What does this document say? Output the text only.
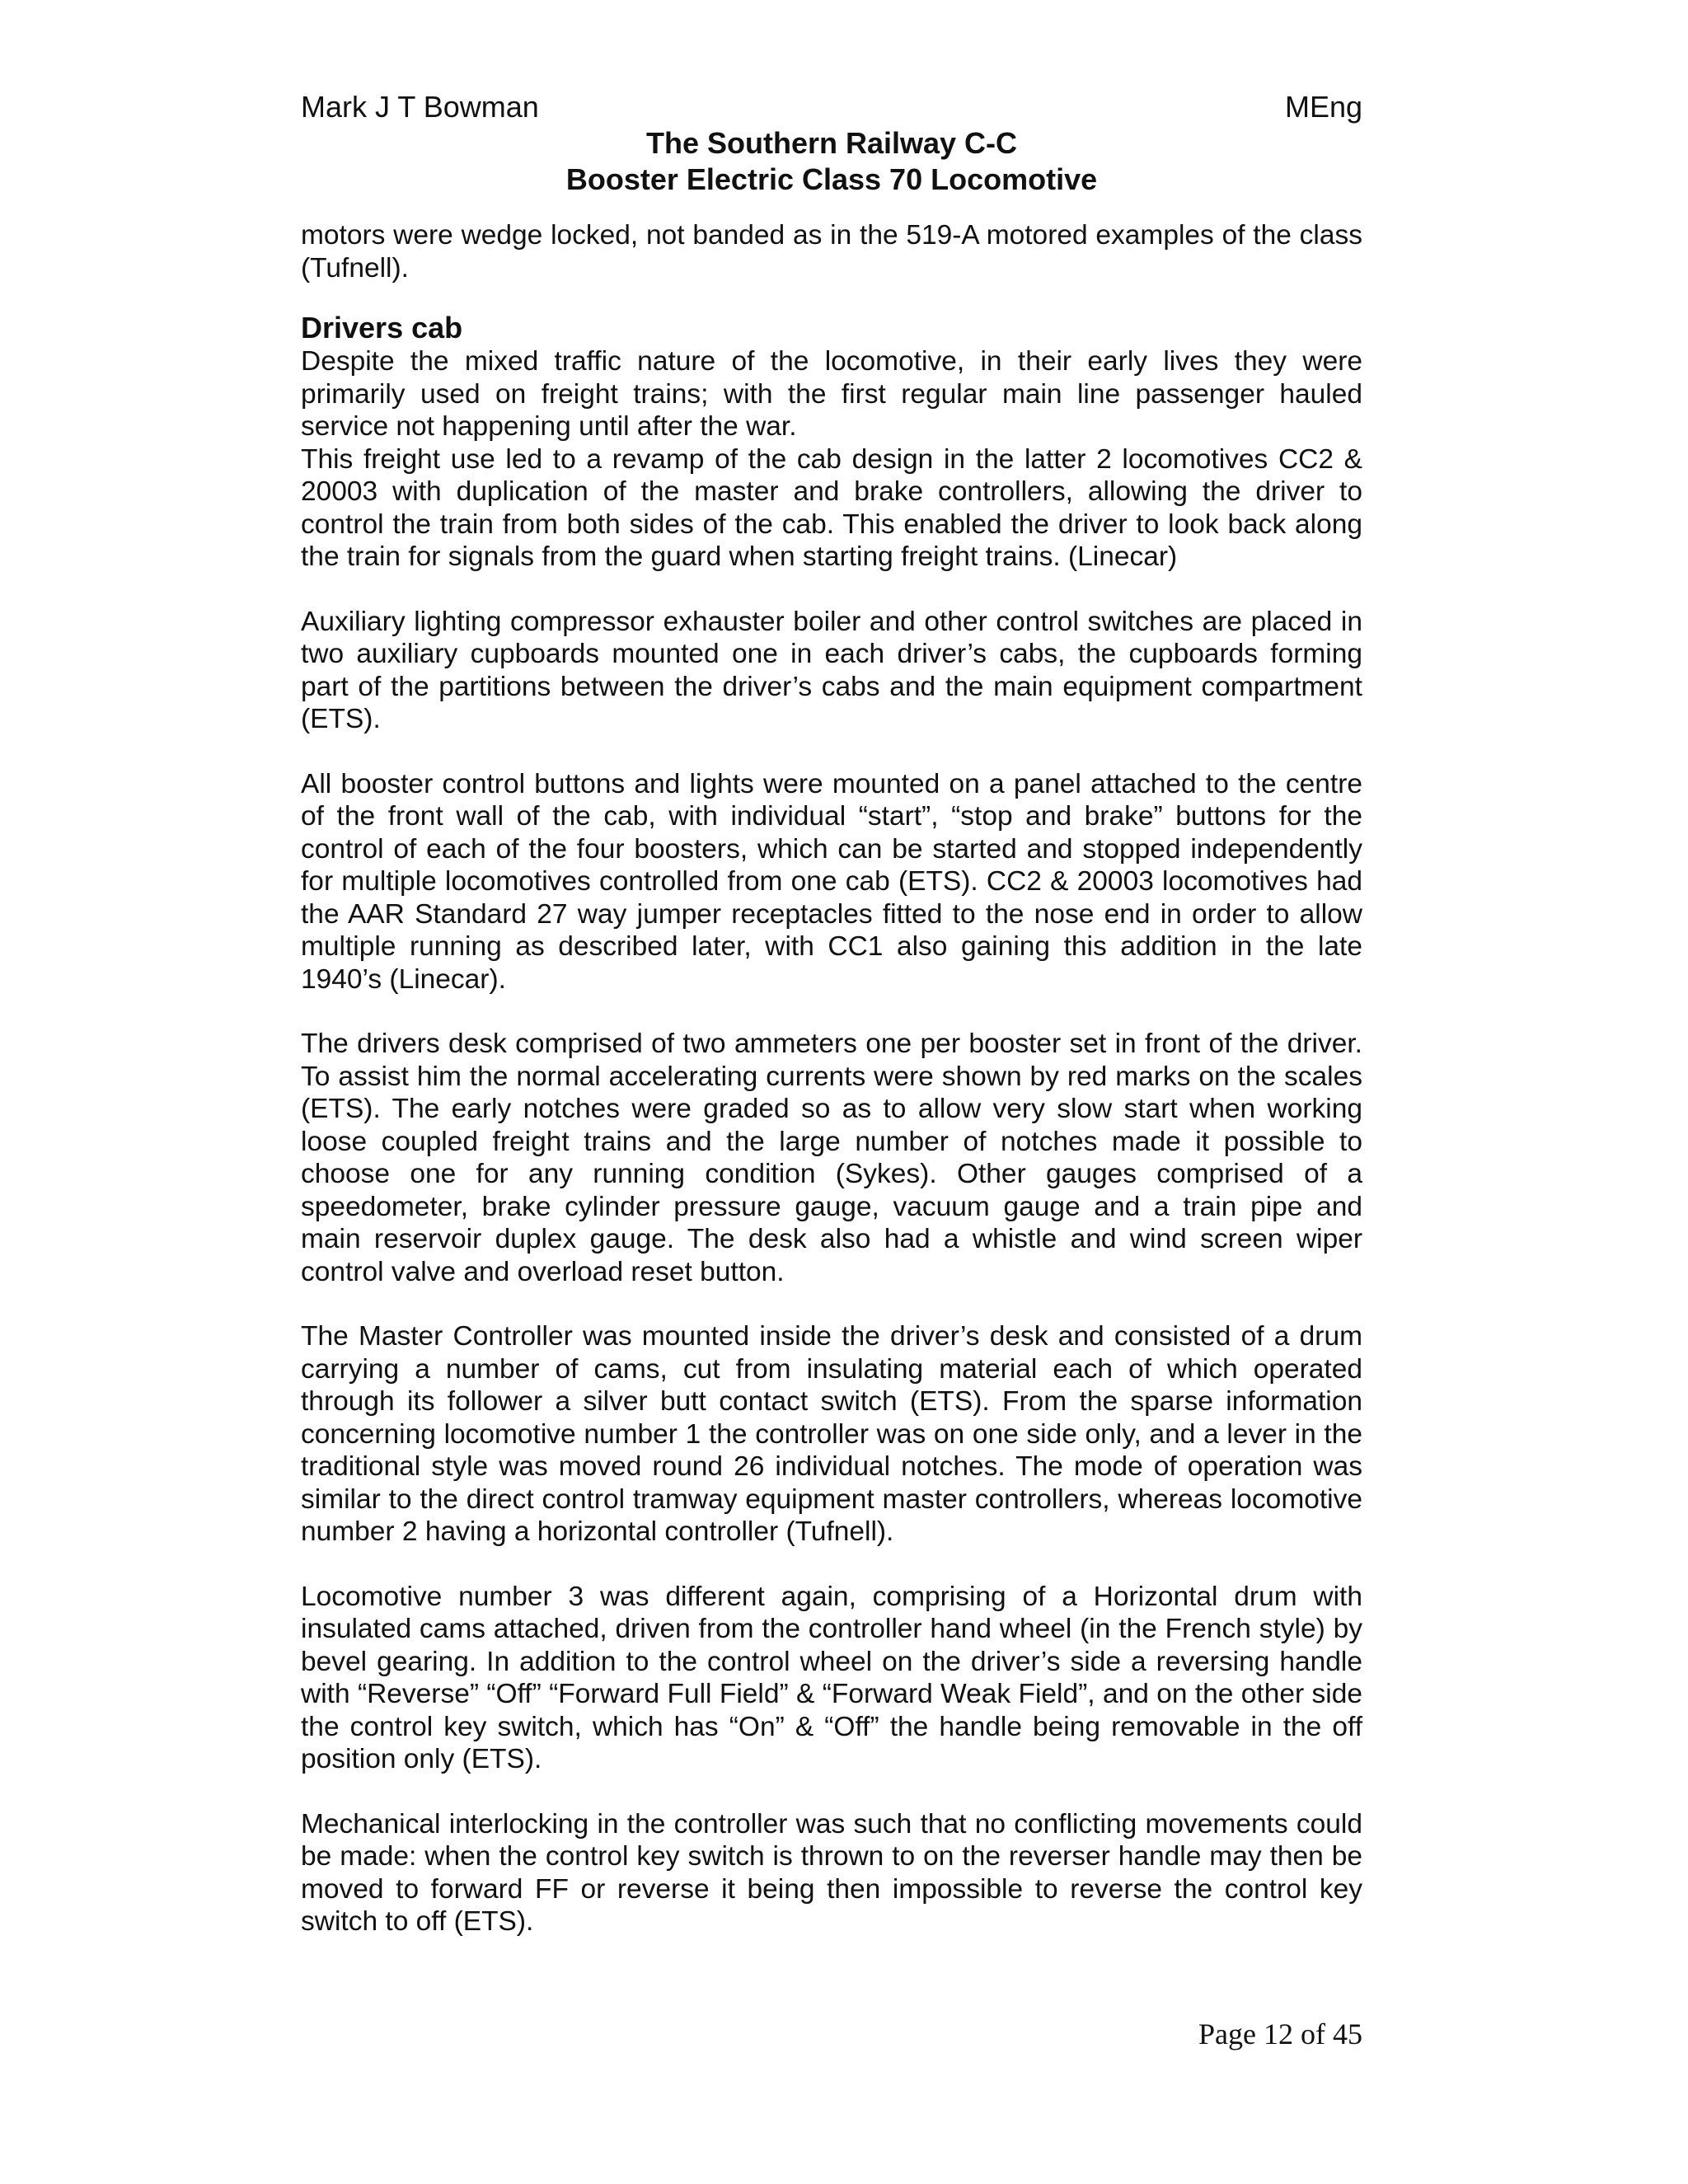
Mark J T Bowman	MEng
The Southern Railway C-C
Booster Electric Class 70 Locomotive

motors were wedge locked, not banded as in the 519-A motored examples of the class (Tufnell).

Drivers cab

Despite the mixed traffic nature of the locomotive, in their early lives they were primarily used on freight trains; with the first regular main line passenger hauled service not happening until after the war.

This freight use led to a revamp of the cab design in the latter 2 locomotives CC2 & 20003 with duplication of the master and brake controllers, allowing the driver to control the train from both sides of the cab. This enabled the driver to look back along the train for signals from the guard when starting freight trains. (Linecar)

Auxiliary lighting compressor exhauster boiler and other control switches are placed in two auxiliary cupboards mounted one in each driver’s cabs, the cupboards forming part of the partitions between the driver’s cabs and the main equipment compartment (ETS).

All booster control buttons and lights were mounted on a panel attached to the centre of the front wall of the cab, with individual “start”, “stop and brake” buttons for the control of each of the four boosters, which can be started and stopped independently for multiple locomotives controlled from one cab (ETS). CC2 & 20003 locomotives had the AAR Standard 27 way jumper receptacles fitted to the nose end in order to allow multiple running as described later, with CC1 also gaining this addition in the late 1940’s (Linecar).

The drivers desk comprised of two ammeters one per booster set in front of the driver. To assist him the normal accelerating currents were shown by red marks on the scales (ETS). The early notches were graded so as to allow very slow start when working loose coupled freight trains and the large number of notches made it possible to choose one for any running condition (Sykes). Other gauges comprised of a speedometer, brake cylinder pressure gauge, vacuum gauge and a train pipe and main reservoir duplex gauge. The desk also had a whistle and wind screen wiper control valve and overload reset button.

The Master Controller was mounted inside the driver’s desk and consisted of a drum carrying a number of cams, cut from insulating material each of which operated through its follower a silver butt contact switch (ETS). From the sparse information concerning locomotive number 1 the controller was on one side only, and a lever in the traditional style was moved round 26 individual notches. The mode of operation was similar to the direct control tramway equipment master controllers, whereas locomotive number 2 having a horizontal controller (Tufnell).

Locomotive number 3 was different again, comprising of a Horizontal drum with insulated cams attached, driven from the controller hand wheel (in the French style) by bevel gearing. In addition to the control wheel on the driver’s side a reversing handle with “Reverse” “Off” “Forward Full Field” & “Forward Weak Field”, and on the other side the control key switch, which has “On” & “Off” the handle being removable in the off position only (ETS).

Mechanical interlocking in the controller was such that no conflicting movements could be made: when the control key switch is thrown to on the reverser handle may then be moved to forward FF or reverse it being then impossible to reverse the control key switch to off (ETS).

Page 12 of 45
